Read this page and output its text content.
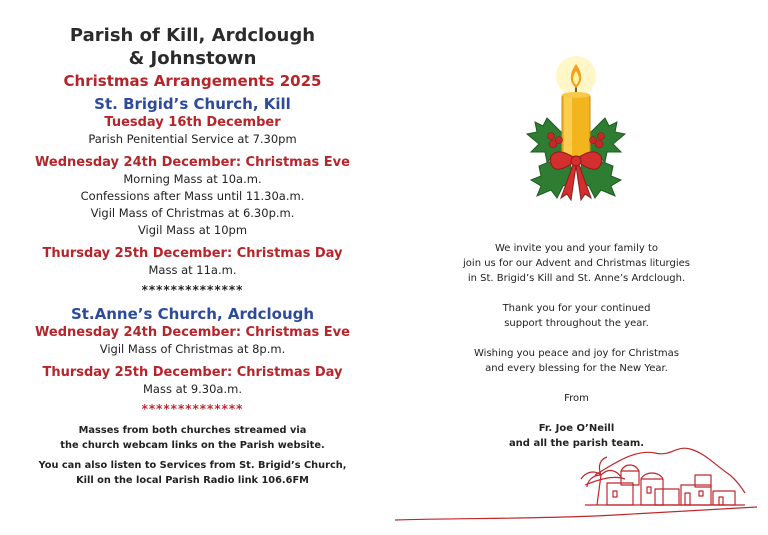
Parish of Kill, Ardclough
& Johnstown
Christmas Arrangements 2025
St. Brigid’s Church, Kill
Tuesday 16th December
Parish Penitential Service at 7.30pm
Wednesday 24th December: Christmas Eve
Morning Mass at 10a.m.
Confessions after Mass until 11.30a.m.
Vigil Mass of Christmas at 6.30p.m.
Vigil Mass at 10pm
Thursday 25th December: Christmas Day
Mass at 11a.m.
**************
St.Anne’s Church, Ardclough
Wednesday 24th December: Christmas Eve
Vigil Mass of Christmas at 8p.m.
Thursday 25th December: Christmas Day
Mass at 9.30a.m.
**************
Masses from both churches streamed via
the church webcam links on the Parish website.
You can also listen to Services from St. Brigid’s Church,
Kill on the local Parish Radio link 106.6FM
We invite you and your family to
join us for our Advent and Christmas liturgies
in St. Brigid’s Kill and St. Anne’s Ardclough.
Thank you for your continued
support throughout the year.
Wishing you peace and joy for Christmas
and every blessing for the New Year.
From
Fr. Joe O’Neill
and all the parish team.
